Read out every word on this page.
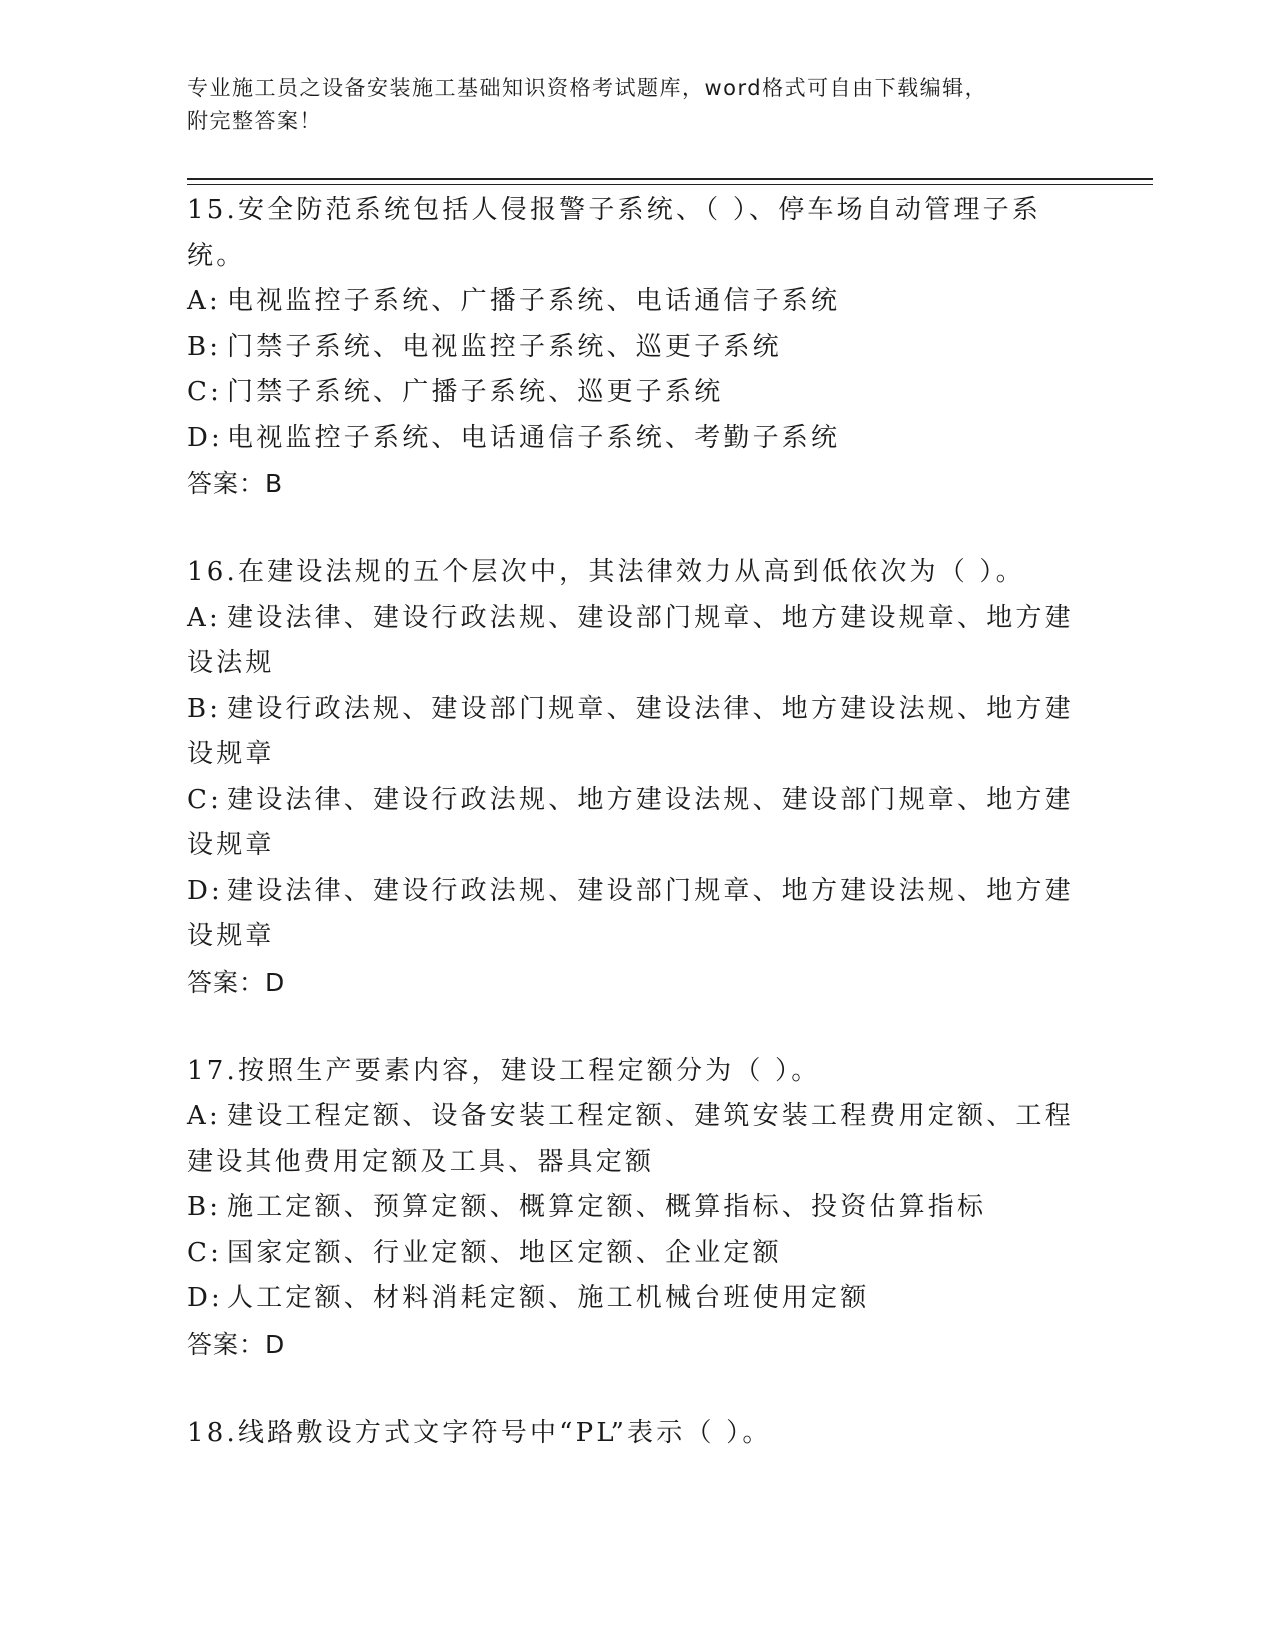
专业施工员之设备安装施工基础知识资格考试题库，word格式可自由下载编辑，
附完整答案！
15.安全防范系统包括人侵报警子系统、（ ）、停车场自动管理子系统。
A: 电视监控子系统、广播子系统、电话通信子系统
B: 门禁子系统、电视监控子系统、巡更子系统
C: 门禁子系统、广播子系统、巡更子系统
D: 电视监控子系统、电话通信子系统、考勤子系统
答案：B
16.在建设法规的五个层次中，其法律效力从高到低依次为（ ）。
A: 建设法律、建设行政法规、建设部门规章、地方建设规章、地方建设法规
B: 建设行政法规、建设部门规章、建设法律、地方建设法规、地方建设规章
C: 建设法律、建设行政法规、地方建设法规、建设部门规章、地方建设规章
D: 建设法律、建设行政法规、建设部门规章、地方建设法规、地方建设规章
答案：D
17.按照生产要素内容，建设工程定额分为（ ）。
A: 建设工程定额、设备安装工程定额、建筑安装工程费用定额、工程建设其他费用定额及工具、器具定额
B: 施工定额、预算定额、概算定额、概算指标、投资估算指标
C: 国家定额、行业定额、地区定额、企业定额
D: 人工定额、材料消耗定额、施工机械台班使用定额
答案：D
18.线路敷设方式文字符号中“PL”表示（ ）。
